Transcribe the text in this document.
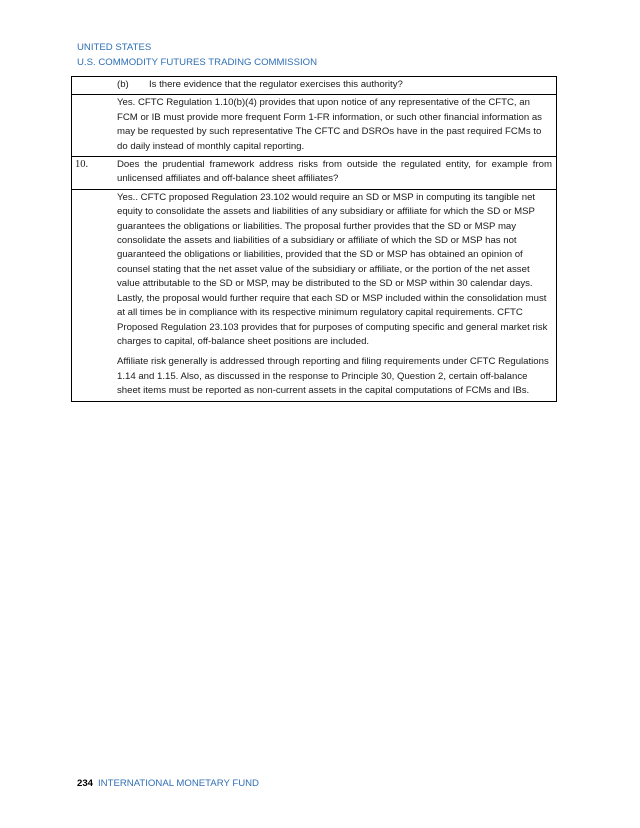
UNITED STATES
U.S. COMMODITY FUTURES TRADING COMMISSION
	(b) Is there evidence that the regulator exercises this authority?

	Yes. CFTC Regulation 1.10(b)(4) provides that upon notice of any representative of the CFTC, an FCM or IB must provide more frequent Form 1-FR information, or such other financial information as may be requested by such representative The CFTC and DSROs have in the past required FCMs to do daily instead of monthly capital reporting.

10.	Does the prudential framework address risks from outside the regulated entity, for example from unlicensed affiliates and off-balance sheet affiliates?

	Yes.. CFTC proposed Regulation 23.102 would require an SD or MSP in computing its tangible net equity to consolidate the assets and liabilities of any subsidiary or affiliate for which the SD or MSP guarantees the obligations or liabilities. The proposal further provides that the SD or MSP may consolidate the assets and liabilities of a subsidiary or affiliate of which the SD or MSP has not guaranteed the obligations or liabilities, provided that the SD or MSP has obtained an opinion of counsel stating that the net asset value of the subsidiary or affiliate, or the portion of the net asset value attributable to the SD or MSP, may be distributed to the SD or MSP within 30 calendar days. Lastly, the proposal would further require that each SD or MSP included within the consolidation must at all times be in compliance with its respective minimum regulatory capital requirements. CFTC Proposed Regulation 23.103 provides that for purposes of computing specific and general market risk charges to capital, off-balance sheet positions are included.

Affiliate risk generally is addressed through reporting and filing requirements under CFTC Regulations 1.14 and 1.15. Also, as discussed in the response to Principle 30, Question 2, certain off-balance sheet items must be reported as non-current assets in the capital computations of FCMs and IBs.

234 INTERNATIONAL MONETARY FUND
